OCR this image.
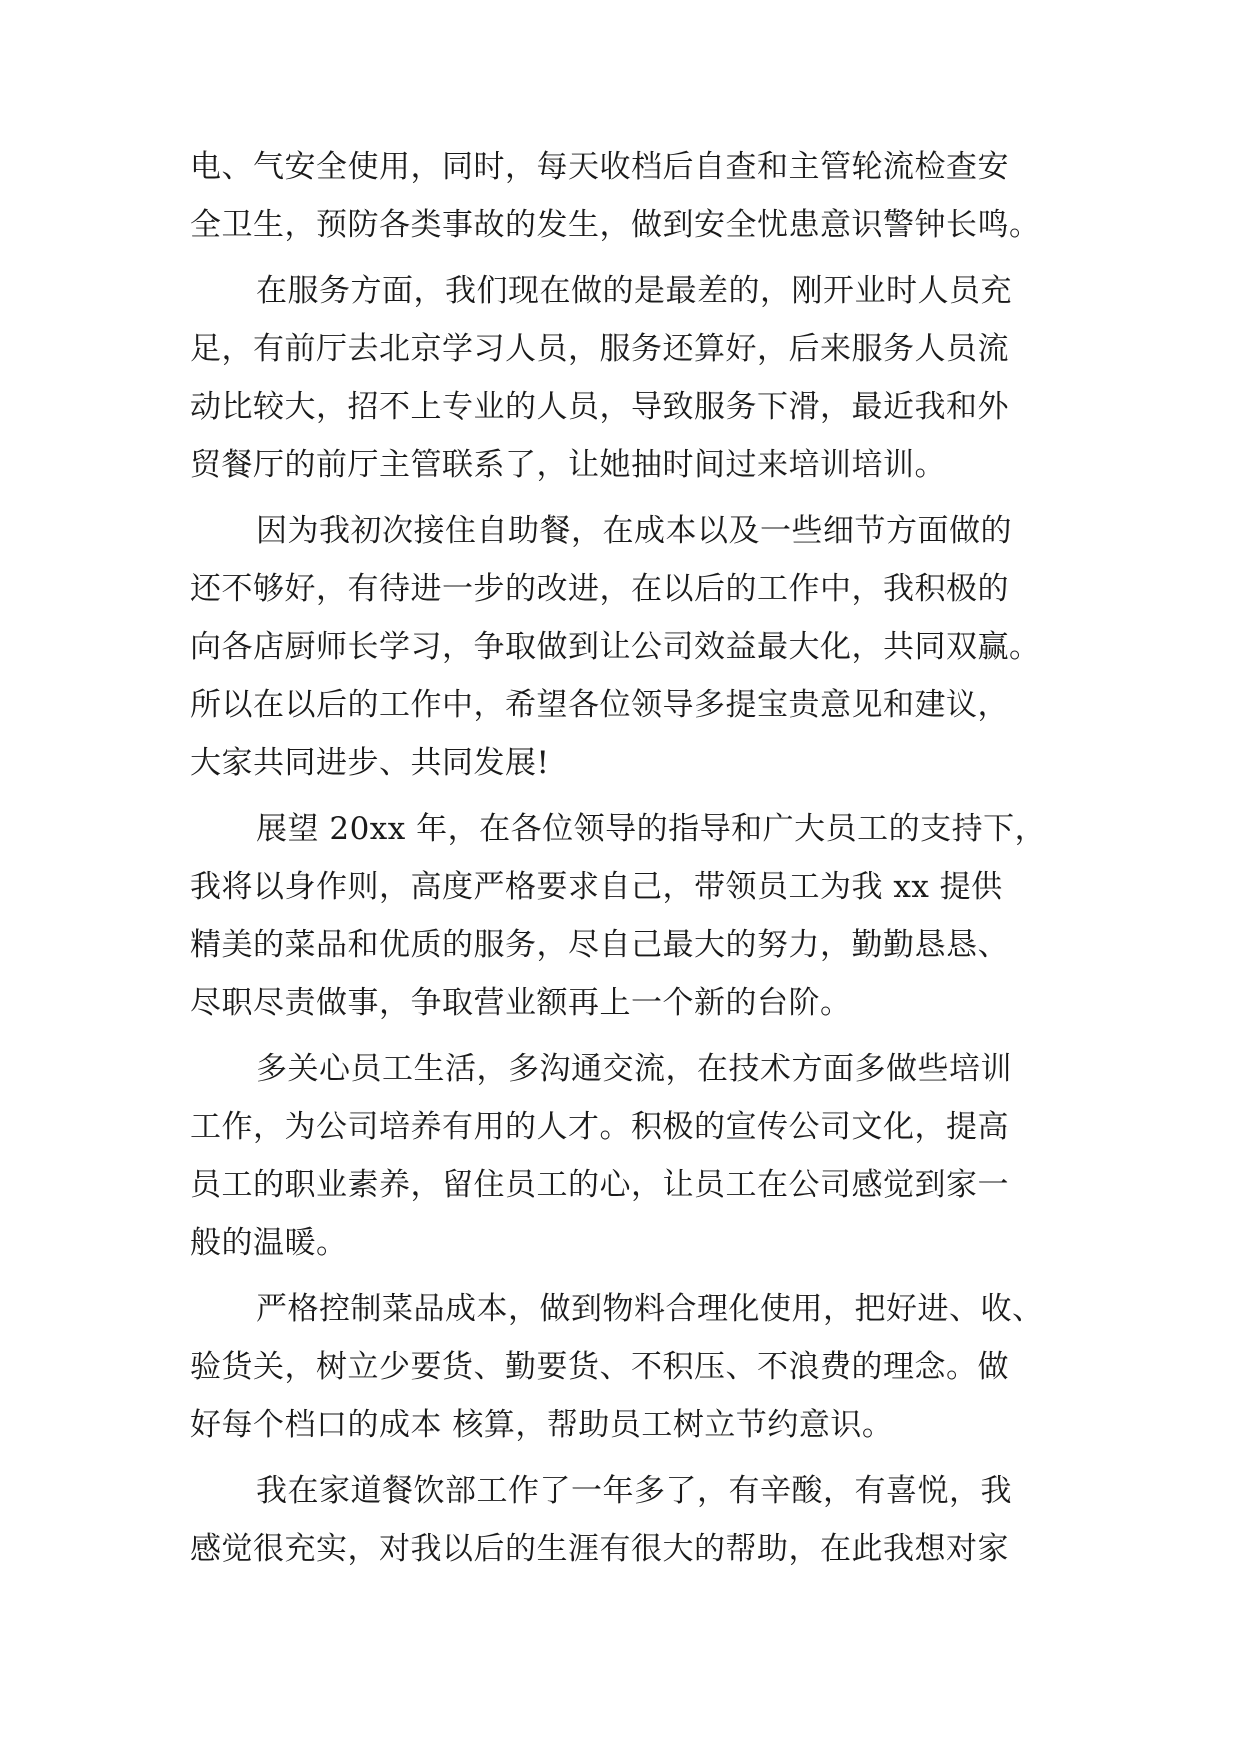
电、气安全使用，同时，每天收档后自查和主管轮流检查安
全卫生，预防各类事故的发生，做到安全忧患意识警钟长鸣。
在服务方面，我们现在做的是最差的，刚开业时人员充
足，有前厅去北京学习人员，服务还算好，后来服务人员流
动比较大，招不上专业的人员，导致服务下滑，最近我和外
贸餐厅的前厅主管联系了，让她抽时间过来培训培训。
因为我初次接住自助餐，在成本以及一些细节方面做的
还不够好，有待进一步的改进，在以后的工作中，我积极的
向各店厨师长学习，争取做到让公司效益最大化，共同双赢。
所以在以后的工作中，希望各位领导多提宝贵意见和建议，
大家共同进步、共同发展!
展望 20xx 年，在各位领导的指导和广大员工的支持下，
我将以身作则，高度严格要求自己，带领员工为我 xx 提供
精美的菜品和优质的服务，尽自己最大的努力，勤勤恳恳、
尽职尽责做事，争取营业额再上一个新的台阶。
多关心员工生活，多沟通交流，在技术方面多做些培训
工作，为公司培养有用的人才。积极的宣传公司文化，提高
员工的职业素养，留住员工的心，让员工在公司感觉到家一
般的温暖。
严格控制菜品成本，做到物料合理化使用，把好进、收、
验货关，树立少要货、勤要货、不积压、不浪费的理念。做
好每个档口的成本 核算，帮助员工树立节约意识。
我在家道餐饮部工作了一年多了，有辛酸，有喜悦，我
感觉很充实，对我以后的生涯有很大的帮助，在此我想对家
